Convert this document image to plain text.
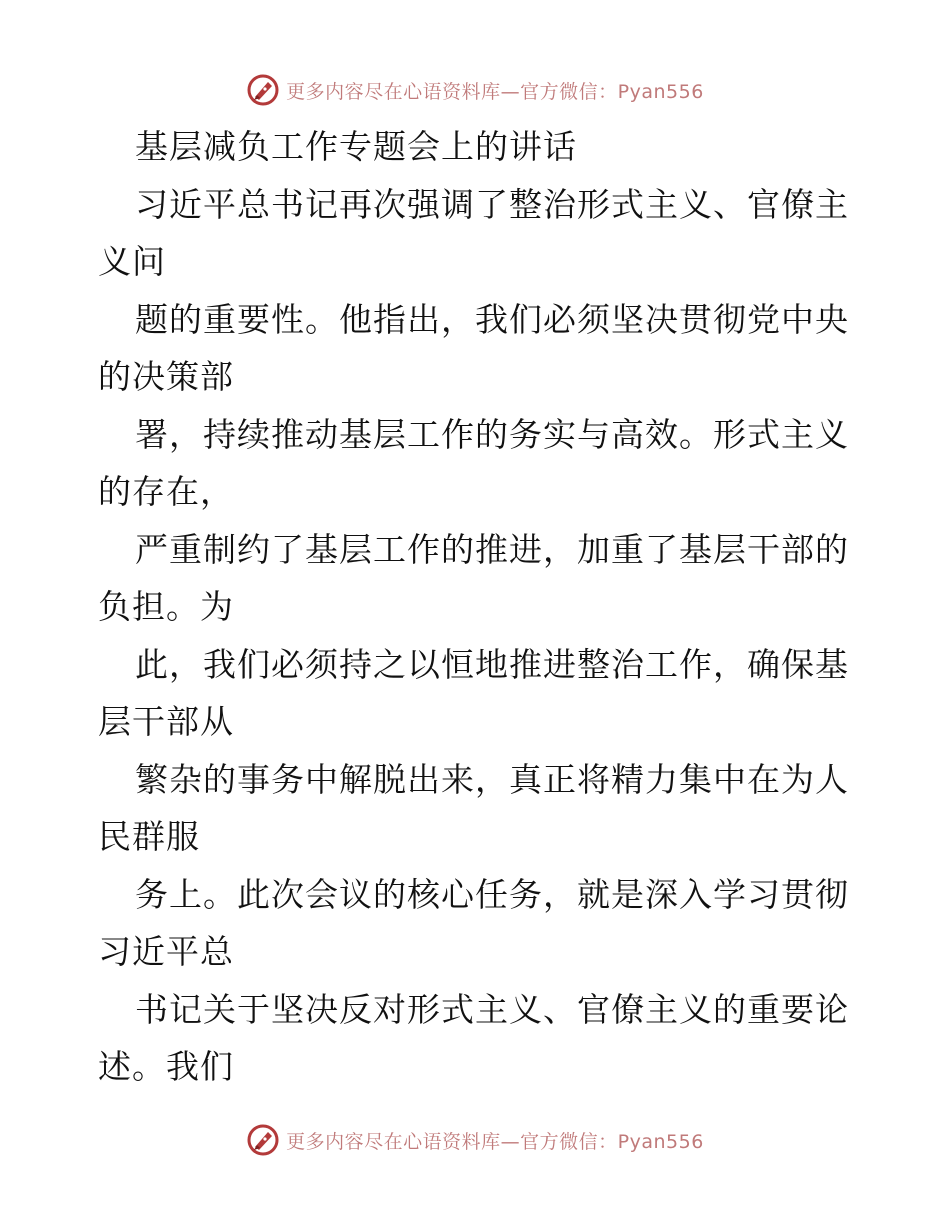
更多内容尽在心语资料库—官方微信：Pyan556
基层减负工作专题会上的讲话
习近平总书记再次强调了整治形式主义、官僚主
义问
题的重要性。他指出，我们必须坚决贯彻党中央
的决策部
署，持续推动基层工作的务实与高效。形式主义
的存在，
严重制约了基层工作的推进，加重了基层干部的
负担。为
此，我们必须持之以恒地推进整治工作，确保基
层干部从
繁杂的事务中解脱出来，真正将精力集中在为人
民群服
务上。此次会议的核心任务，就是深入学习贯彻
习近平总
书记关于坚决反对形式主义、官僚主义的重要论
述。我们
更多内容尽在心语资料库—官方微信：Pyan556
